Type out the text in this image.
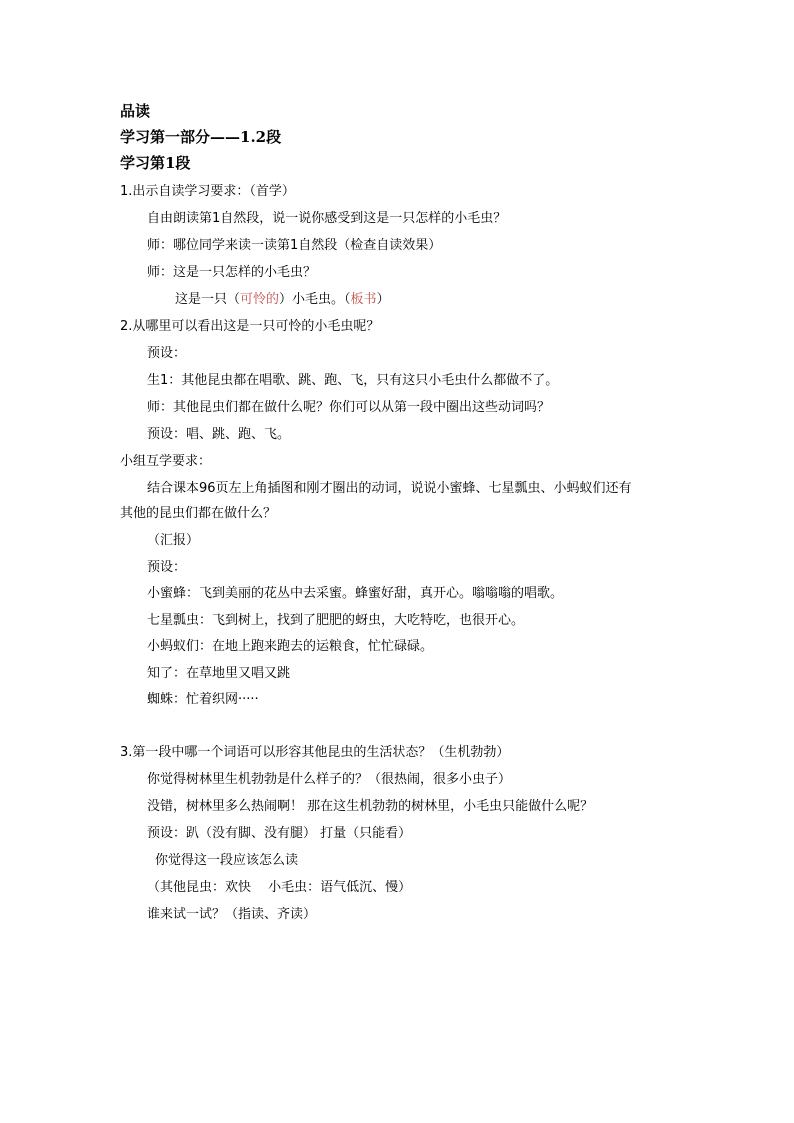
品读
学习第一部分——1.2段
学习第1段
1.出示自读学习要求：（首学）
自由朗读第1自然段，说一说你感受到这是一只怎样的小毛虫？
师：哪位同学来读一读第1自然段（检查自读效果）
师：这是一只怎样的小毛虫？
这是一只（可怜的）小毛虫。（板书）
2.从哪里可以看出这是一只可怜的小毛虫呢？
预设：
生1：其他昆虫都在唱歌、跳、跑、飞，只有这只小毛虫什么都做不了。
师：其他昆虫们都在做什么呢？你们可以从第一段中圈出这些动词吗？
预设：唱、跳、跑、飞。
小组互学要求：
结合课本96页左上角插图和刚才圈出的动词，说说小蜜蜂、七星瓢虫、小蚂蚁们还有
其他的昆虫们都在做什么？
（汇报）
预设：
小蜜蜂：飞到美丽的花丛中去采蜜。蜂蜜好甜，真开心。嗡嗡嗡的唱歌。
七星瓢虫：飞到树上，找到了肥肥的蚜虫，大吃特吃，也很开心。
小蚂蚁们：在地上跑来跑去的运粮食，忙忙碌碌。
知了：在草地里又唱又跳
蜘蛛：忙着织网·····
3.第一段中哪一个词语可以形容其他昆虫的生活状态？（生机勃勃）
你觉得树林里生机勃勃是什么样子的？（很热闹，很多小虫子）
没错，树林里多么热闹啊！ 那在这生机勃勃的树林里，小毛虫只能做什么呢？
预设：趴（没有脚、没有腿） 打量（只能看）
你觉得这一段应该怎么读
（其他昆虫：欢快　 小毛虫：语气低沉、慢）
谁来试一试？（指读、齐读）
